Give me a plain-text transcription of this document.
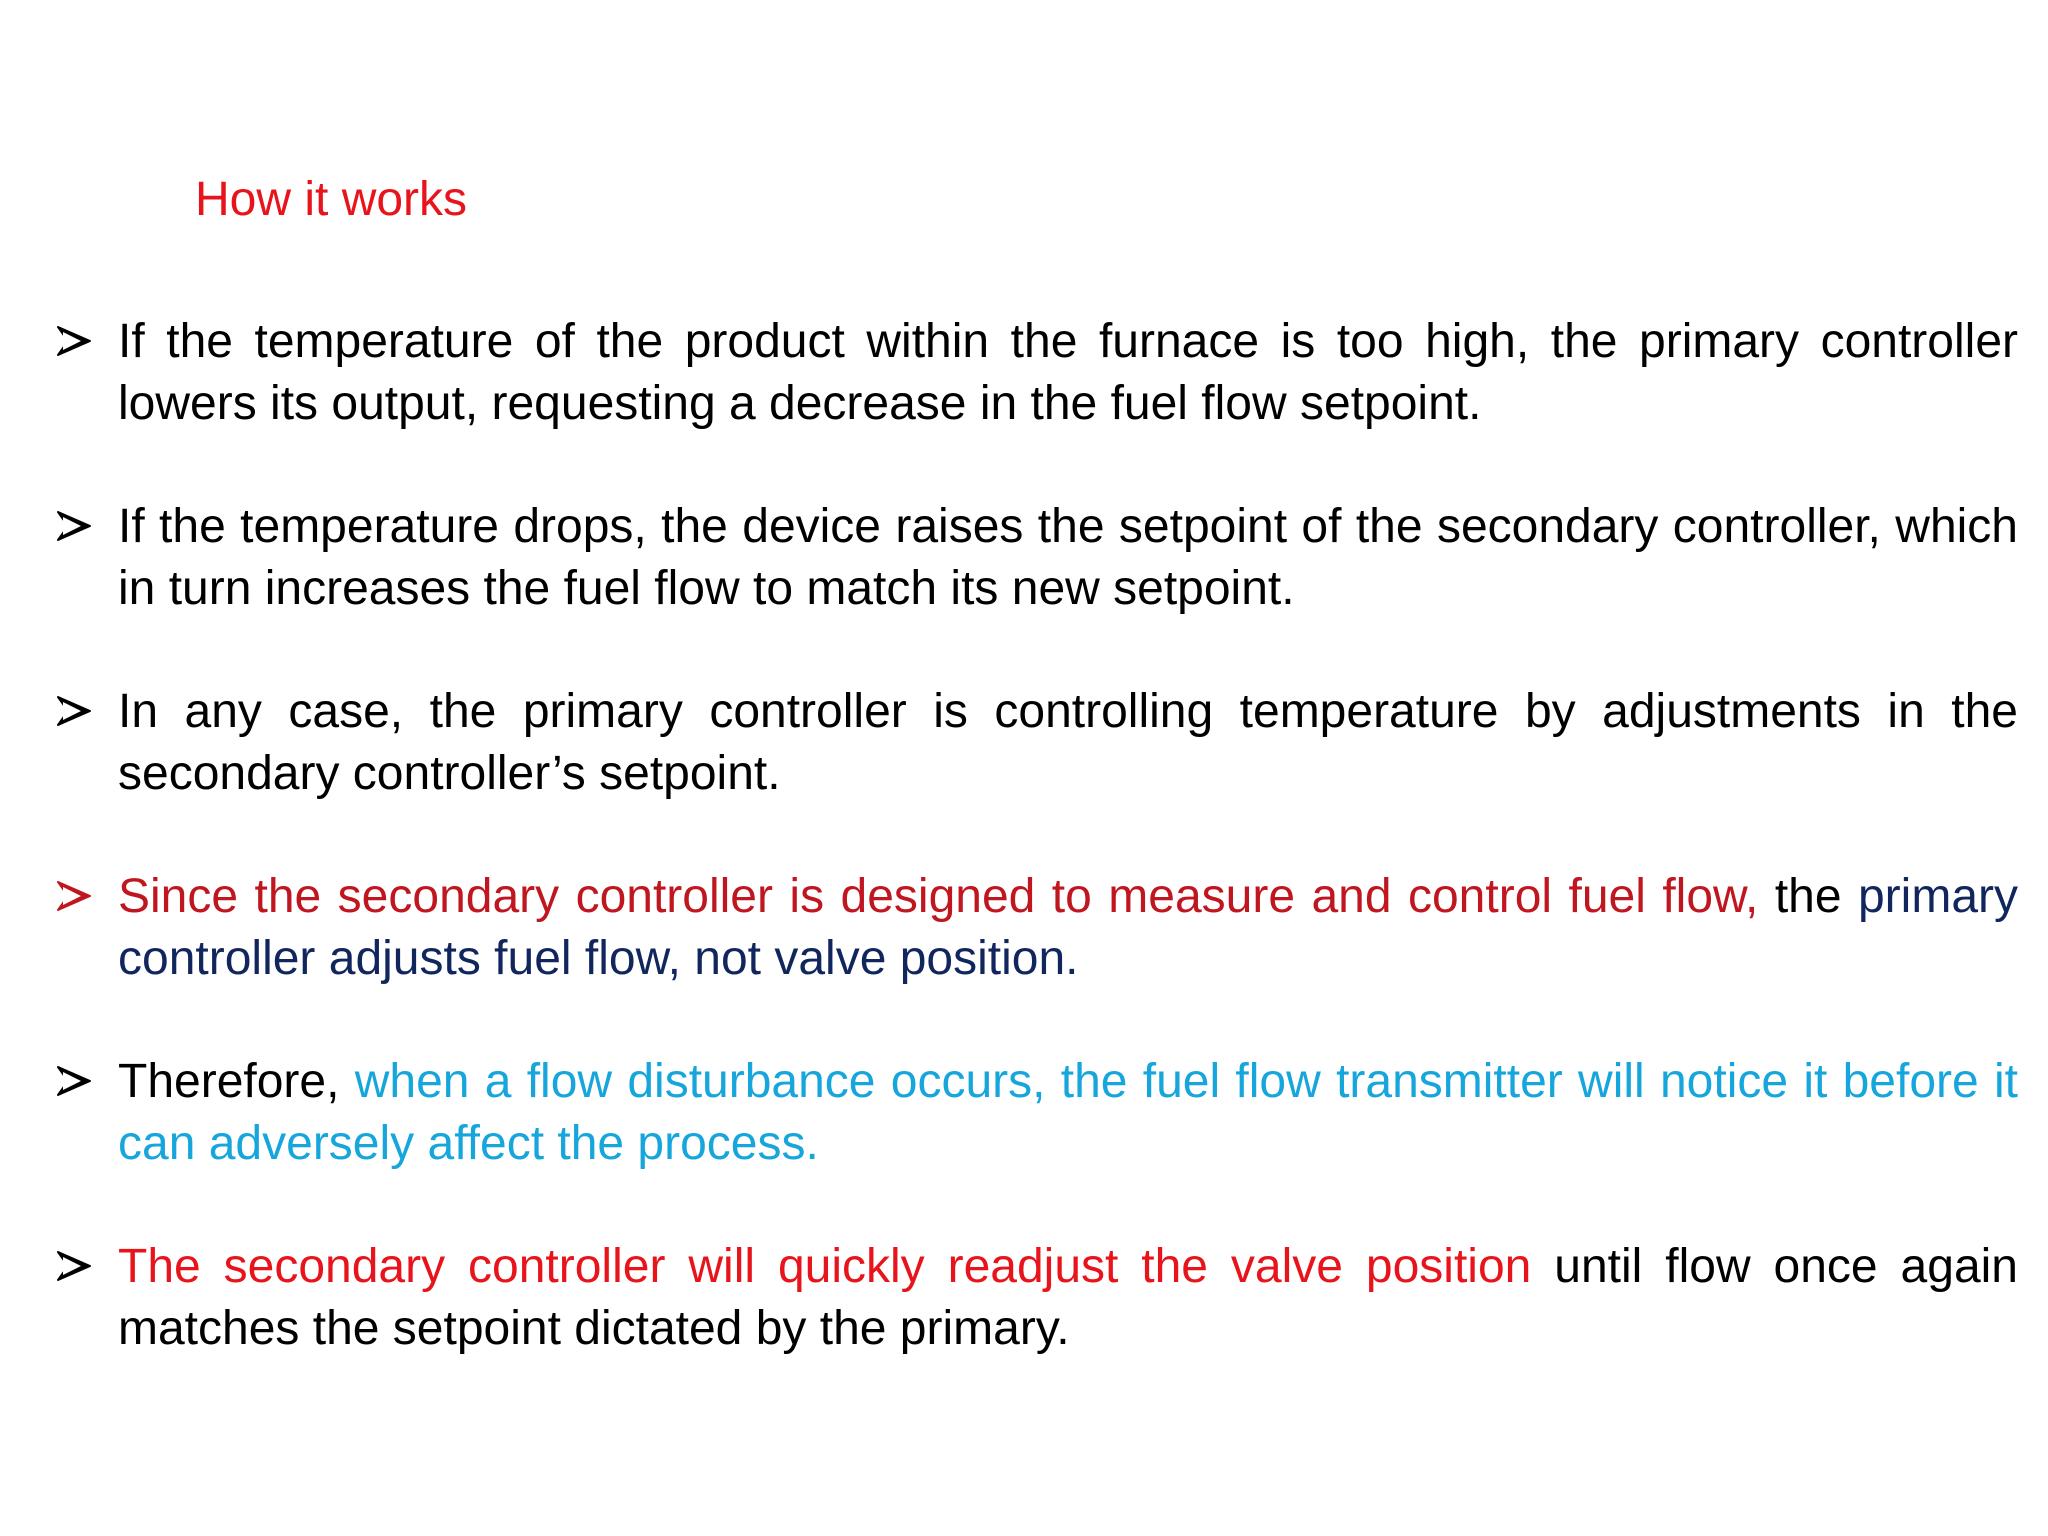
How it works
If the temperature of the product within the furnace is too high, the primary controller lowers its output, requesting a decrease in the fuel flow setpoint.
If the temperature drops, the device raises the setpoint of the secondary controller, which in turn increases the fuel flow to match its new setpoint.
In any case, the primary controller is controlling temperature by adjustments in the secondary controller’s setpoint.
Since the secondary controller is designed to measure and control fuel flow, the primary controller adjusts fuel flow, not valve position.
Therefore, when a flow disturbance occurs, the fuel flow transmitter will notice it before it can adversely affect the process.
The secondary controller will quickly readjust the valve position until flow once again matches the setpoint dictated by the primary.
